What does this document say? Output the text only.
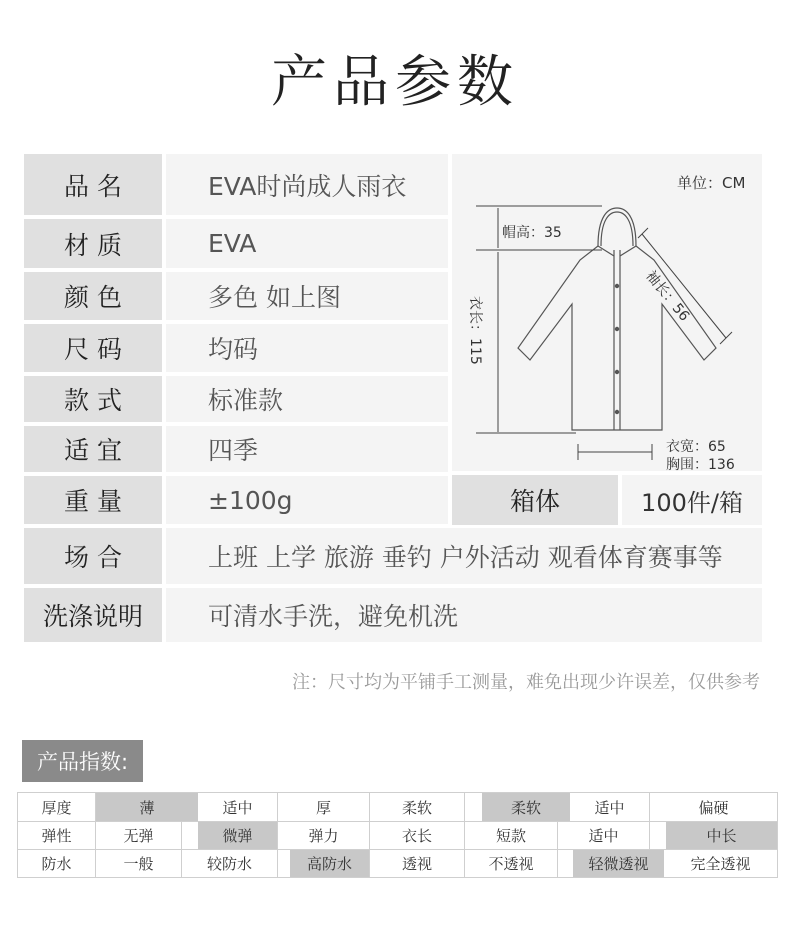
产品参数
品 名	EVA时尚成人雨衣
材 质	EVA
颜 色	多色 如上图
尺 码	均码
款 式	标准款
适 宜	四季
重 量	±100g
场 合	上班 上学 旅游 垂钓 户外活动 观看体育赛事等
洗涤说明	可清水手洗，避免机洗
单位：CM
帽高：35
袖长：56
衣长：115
衣宽：65
胸围：136
箱体	100件/箱
注：尺寸均为平铺手工测量，难免出现少许误差，仅供参考
产品指数:
厚度	薄	适中	厚	柔软	柔软	适中	偏硬
弹性	无弹	微弹	弹力	衣长	短款	适中	中长
防水	一般	较防水	高防水	透视	不透视	轻微透视	完全透视
